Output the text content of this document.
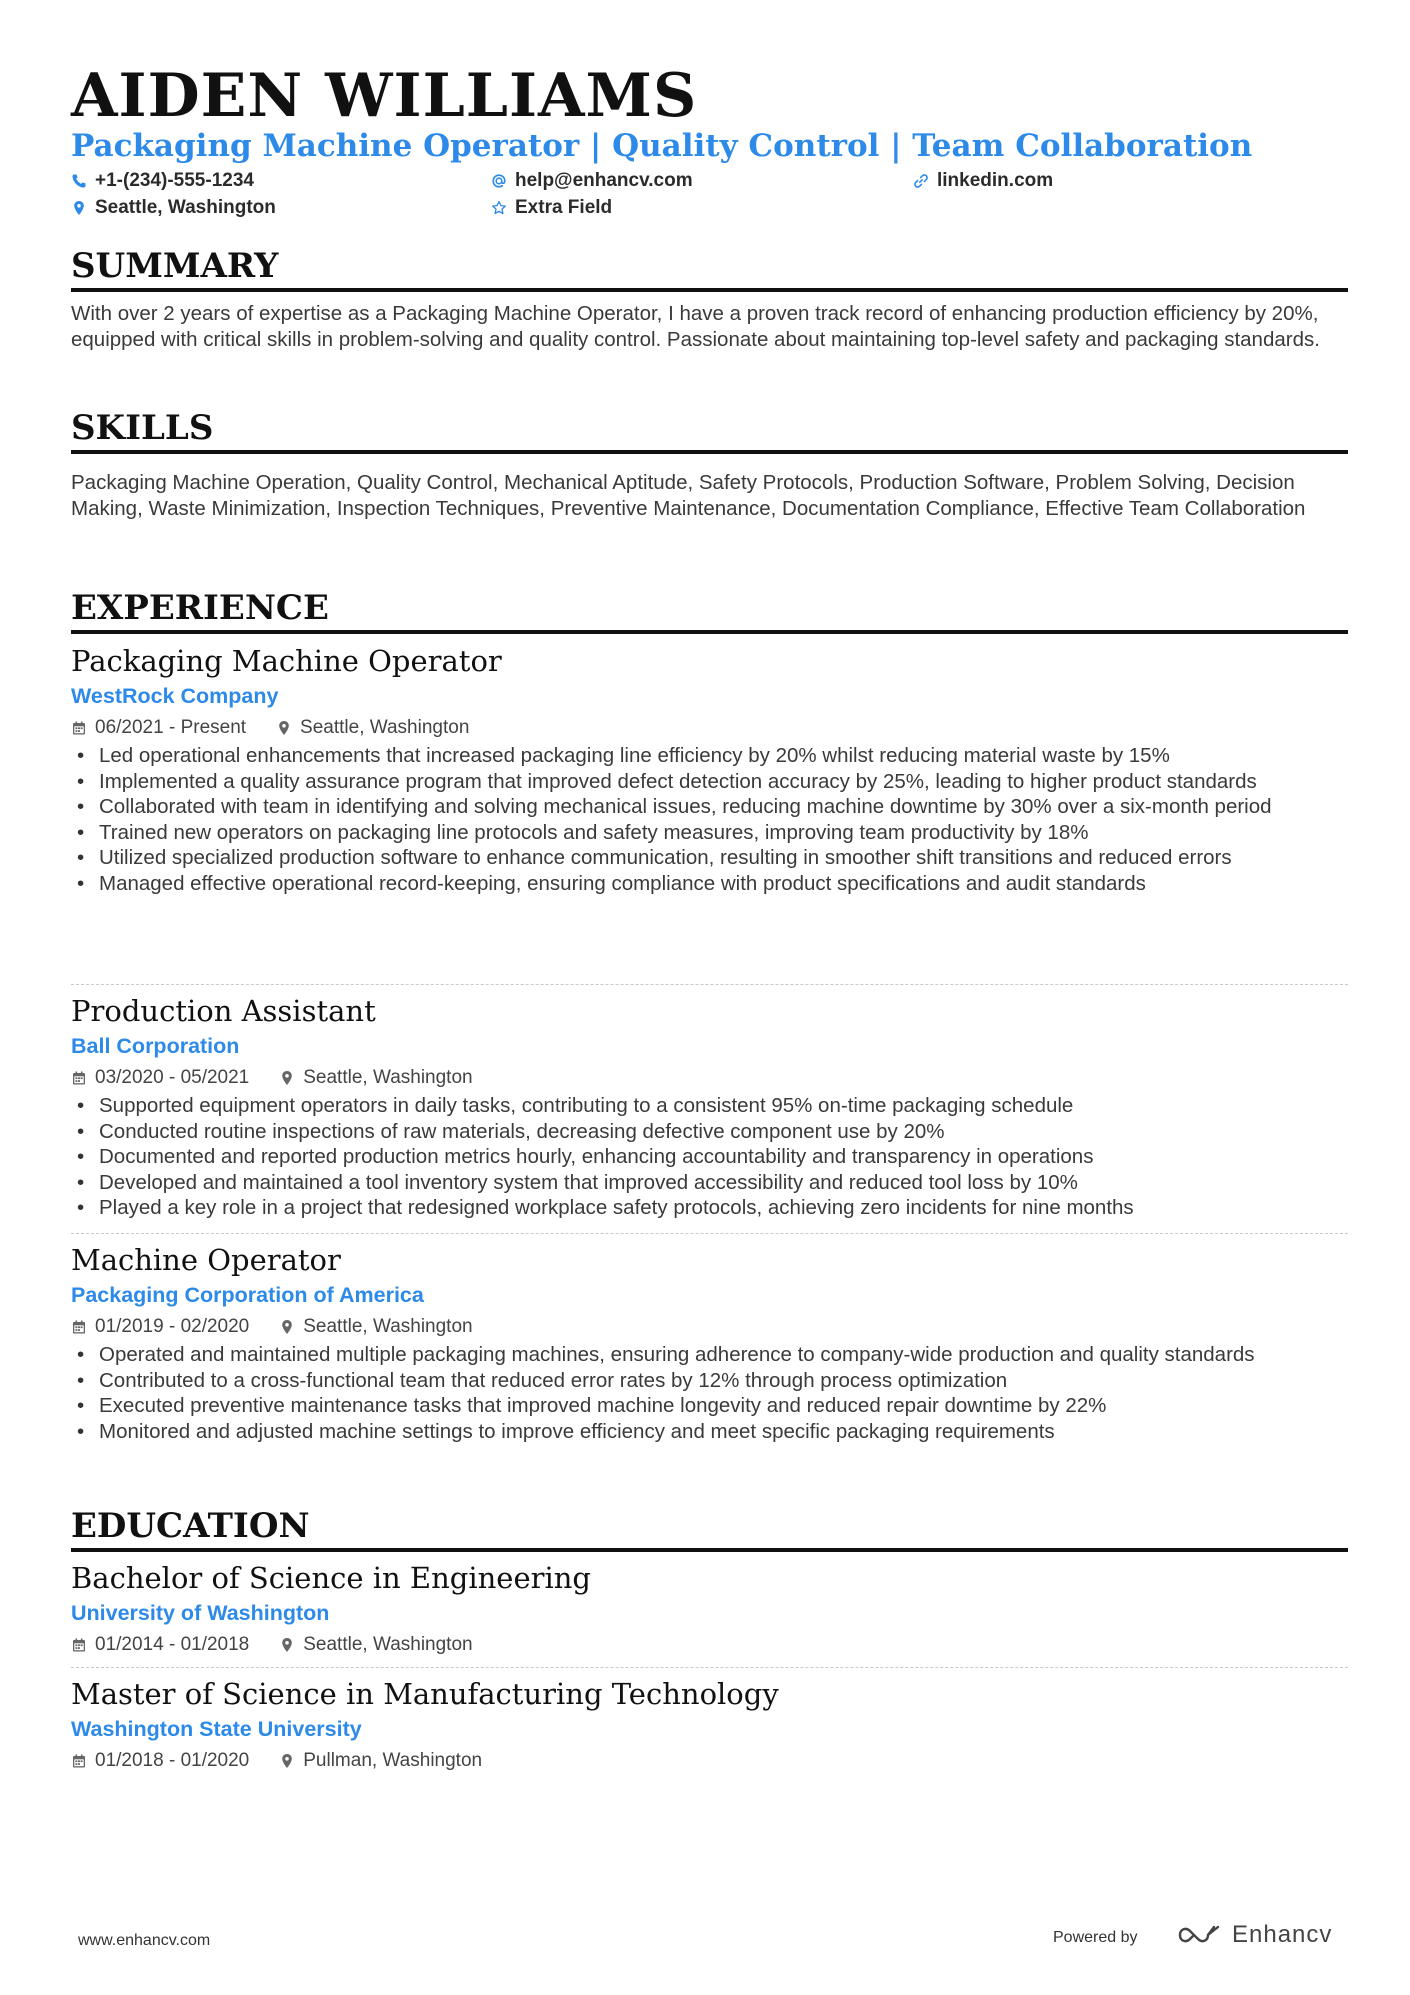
AIDEN WILLIAMS
Packaging Machine Operator | Quality Control | Team Collaboration
+1-(234)-555-1234	help@enhancv.com	linkedin.com
Seattle, Washington	Extra Field
SUMMARY
With over 2 years of expertise as a Packaging Machine Operator, I have a proven track record of enhancing production efficiency by 20%, equipped with critical skills in problem-solving and quality control. Passionate about maintaining top-level safety and packaging standards.
SKILLS
Packaging Machine Operation, Quality Control, Mechanical Aptitude, Safety Protocols, Production Software, Problem Solving, Decision Making, Waste Minimization, Inspection Techniques, Preventive Maintenance, Documentation Compliance, Effective Team Collaboration
EXPERIENCE
Packaging Machine Operator
WestRock Company
06/2021 - Present	Seattle, Washington
• Led operational enhancements that increased packaging line efficiency by 20% whilst reducing material waste by 15%
• Implemented a quality assurance program that improved defect detection accuracy by 25%, leading to higher product standards
• Collaborated with team in identifying and solving mechanical issues, reducing machine downtime by 30% over a six-month period
• Trained new operators on packaging line protocols and safety measures, improving team productivity by 18%
• Utilized specialized production software to enhance communication, resulting in smoother shift transitions and reduced errors
• Managed effective operational record-keeping, ensuring compliance with product specifications and audit standards
Production Assistant
Ball Corporation
03/2020 - 05/2021	Seattle, Washington
• Supported equipment operators in daily tasks, contributing to a consistent 95% on-time packaging schedule
• Conducted routine inspections of raw materials, decreasing defective component use by 20%
• Documented and reported production metrics hourly, enhancing accountability and transparency in operations
• Developed and maintained a tool inventory system that improved accessibility and reduced tool loss by 10%
• Played a key role in a project that redesigned workplace safety protocols, achieving zero incidents for nine months
Machine Operator
Packaging Corporation of America
01/2019 - 02/2020	Seattle, Washington
• Operated and maintained multiple packaging machines, ensuring adherence to company-wide production and quality standards
• Contributed to a cross-functional team that reduced error rates by 12% through process optimization
• Executed preventive maintenance tasks that improved machine longevity and reduced repair downtime by 22%
• Monitored and adjusted machine settings to improve efficiency and meet specific packaging requirements
EDUCATION
Bachelor of Science in Engineering
University of Washington
01/2014 - 01/2018	Seattle, Washington
Master of Science in Manufacturing Technology
Washington State University
01/2018 - 01/2020	Pullman, Washington
www.enhancv.com	Powered by	Enhancv
